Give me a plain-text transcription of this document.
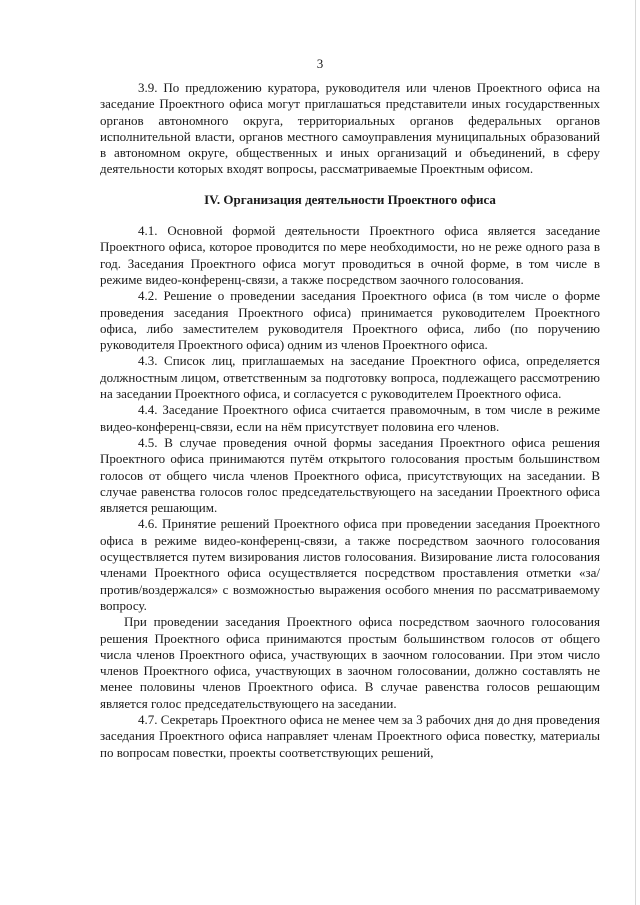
3

3.9. По предложению куратора, руководителя или членов Проектного офиса на заседание Проектного офиса могут приглашаться представители иных государственных органов автономного округа, территориальных органов федеральных органов исполнительной власти, органов местного самоуправления муниципальных образований в автономном округе, общественных и иных организаций и объединений, в сферу деятельности которых входят вопросы, рассматриваемые Проектным офисом.

IV. Организация деятельности Проектного офиса

4.1. Основной формой деятельности Проектного офиса является заседание Проектного офиса, которое проводится по мере необходимости, но не реже одного раза в год. Заседания Проектного офиса могут проводиться в очной форме, в том числе в режиме видео-конференц-связи, а также посредством заочного голосования.

4.2. Решение о проведении заседания Проектного офиса (в том числе о форме проведения заседания Проектного офиса) принимается руководителем Проектного офиса, либо заместителем руководителя Проектного офиса, либо (по поручению руководителя Проектного офиса) одним из членов Проектного офиса.

4.3. Список лиц, приглашаемых на заседание Проектного офиса, определяется должностным лицом, ответственным за подготовку вопроса, подлежащего рассмотрению на заседании Проектного офиса, и согласуется с руководителем Проектного офиса.

4.4. Заседание Проектного офиса считается правомочным, в том числе в режиме видео-конференц-связи, если на нём присутствует половина его членов.

4.5. В случае проведения очной формы заседания Проектного офиса решения Проектного офиса принимаются путём открытого голосования простым большинством голосов от общего числа членов Проектного офиса, присутствующих на заседании. В случае равенства голосов голос председательствующего на заседании Проектного офиса является решающим.

4.6. Принятие решений Проектного офиса при проведении заседания Проектного офиса в режиме видео-конференц-связи, а также посредством заочного голосования осуществляется путем визирования листов голосования. Визирование листа голосования членами Проектного офиса осуществляется посредством проставления отметки «за/против/воздержался» с возможностью выражения особого мнения по рассматриваемому вопросу.

При проведении заседания Проектного офиса посредством заочного голосования решения Проектного офиса принимаются простым большинством голосов от общего числа членов Проектного офиса, участвующих в заочном голосовании. При этом число членов Проектного офиса, участвующих в заочном голосовании, должно составлять не менее половины членов Проектного офиса. В случае равенства голосов решающим является голос председательствующего на заседании.

4.7. Секретарь Проектного офиса не менее чем за 3 рабочих дня до дня проведения заседания Проектного офиса направляет членам Проектного офиса повестку, материалы по вопросам повестки, проекты соответствующих решений,
